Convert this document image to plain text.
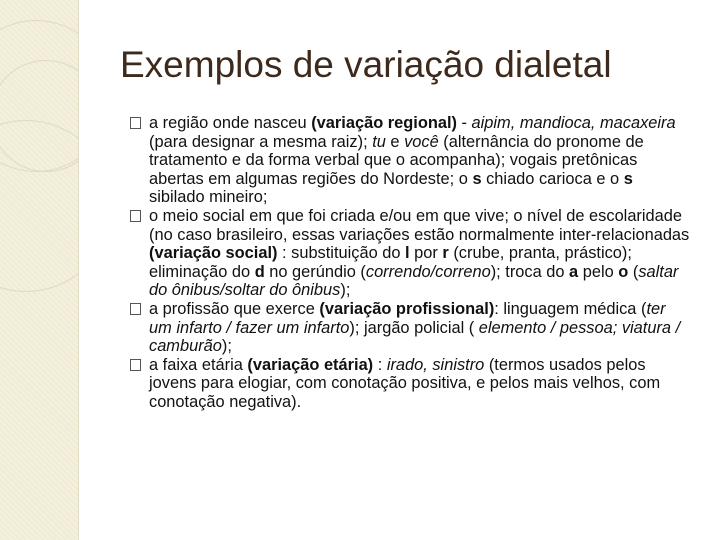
Exemplos de variação dialetal
a região onde nasceu (variação regional) - aipim, mandioca, macaxeira (para designar a mesma raiz); tu e você (alternância do pronome de tratamento e da forma verbal que o acompanha); vogais pretônicas abertas em algumas regiões do Nordeste; o s chiado carioca e o s sibilado mineiro;
o meio social em que foi criada e/ou em que vive; o nível de escolaridade (no caso brasileiro, essas variações estão normalmente inter-relacionadas (variação social) : substituição do l por r (crube, pranta, prástico); eliminação do d no gerúndio (correndo/correno); troca do a pelo o (saltar do ônibus/soltar do ônibus);
a profissão que exerce (variação profissional): linguagem médica (ter um infarto / fazer um infarto); jargão policial ( elemento / pessoa; viatura / camburão);
a faixa etária (variação etária) : irado, sinistro (termos usados pelos jovens para elogiar, com conotação positiva, e pelos mais velhos, com conotação negativa).
